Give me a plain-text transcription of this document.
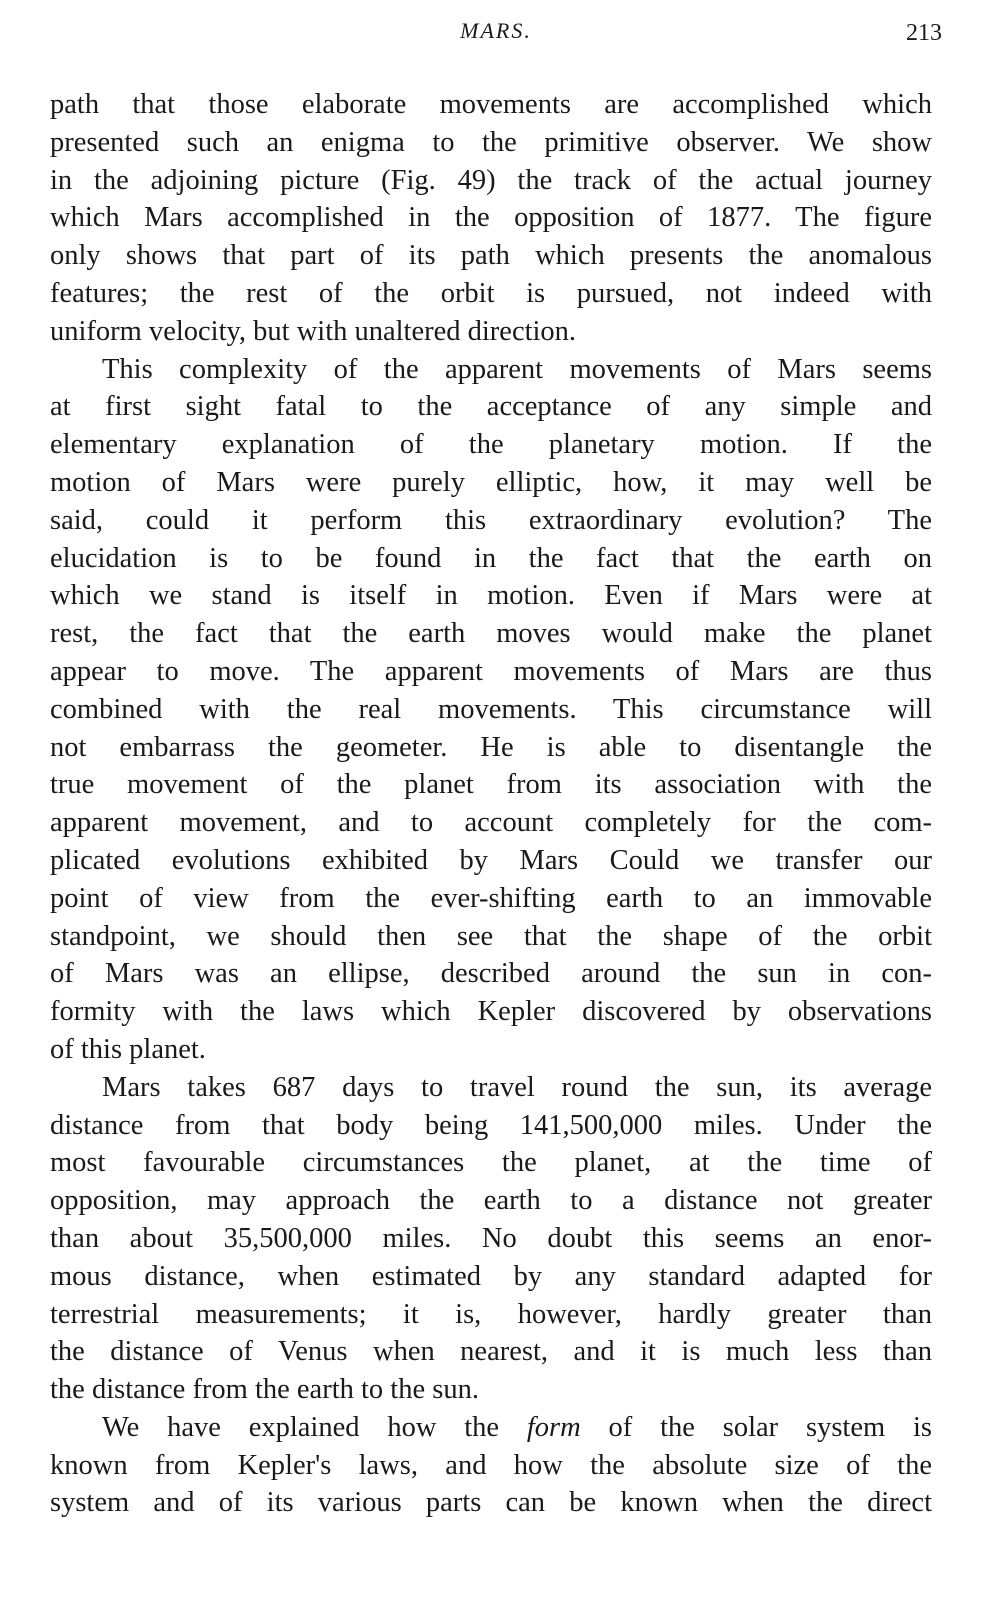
MARS.	213
path that those elaborate movements are accomplished which
presented such an enigma to the primitive observer. We show
in the adjoining picture (Fig. 49) the track of the actual journey
which Mars accomplished in the opposition of 1877. The figure
only shows that part of its path which presents the anomalous
features; the rest of the orbit is pursued, not indeed with
uniform velocity, but with unaltered direction.
This complexity of the apparent movements of Mars seems
at first sight fatal to the acceptance of any simple and
elementary explanation of the planetary motion. If the
motion of Mars were purely elliptic, how, it may well be
said, could it perform this extraordinary evolution? The
elucidation is to be found in the fact that the earth on
which we stand is itself in motion. Even if Mars were at
rest, the fact that the earth moves would make the planet
appear to move. The apparent movements of Mars are thus
combined with the real movements. This circumstance will
not embarrass the geometer. He is able to disentangle the
true movement of the planet from its association with the
apparent movement, and to account completely for the com-
plicated evolutions exhibited by Mars Could we transfer our
point of view from the ever-shifting earth to an immovable
standpoint, we should then see that the shape of the orbit
of Mars was an ellipse, described around the sun in con-
formity with the laws which Kepler discovered by observations
of this planet.
Mars takes 687 days to travel round the sun, its average
distance from that body being 141,500,000 miles. Under the
most favourable circumstances the planet, at the time of
opposition, may approach the earth to a distance not greater
than about 35,500,000 miles. No doubt this seems an enor-
mous distance, when estimated by any standard adapted for
terrestrial measurements; it is, however, hardly greater than
the distance of Venus when nearest, and it is much less than
the distance from the earth to the sun.
We have explained how the form of the solar system is
known from Kepler's laws, and how the absolute size of the
system and of its various parts can be known when the direct
